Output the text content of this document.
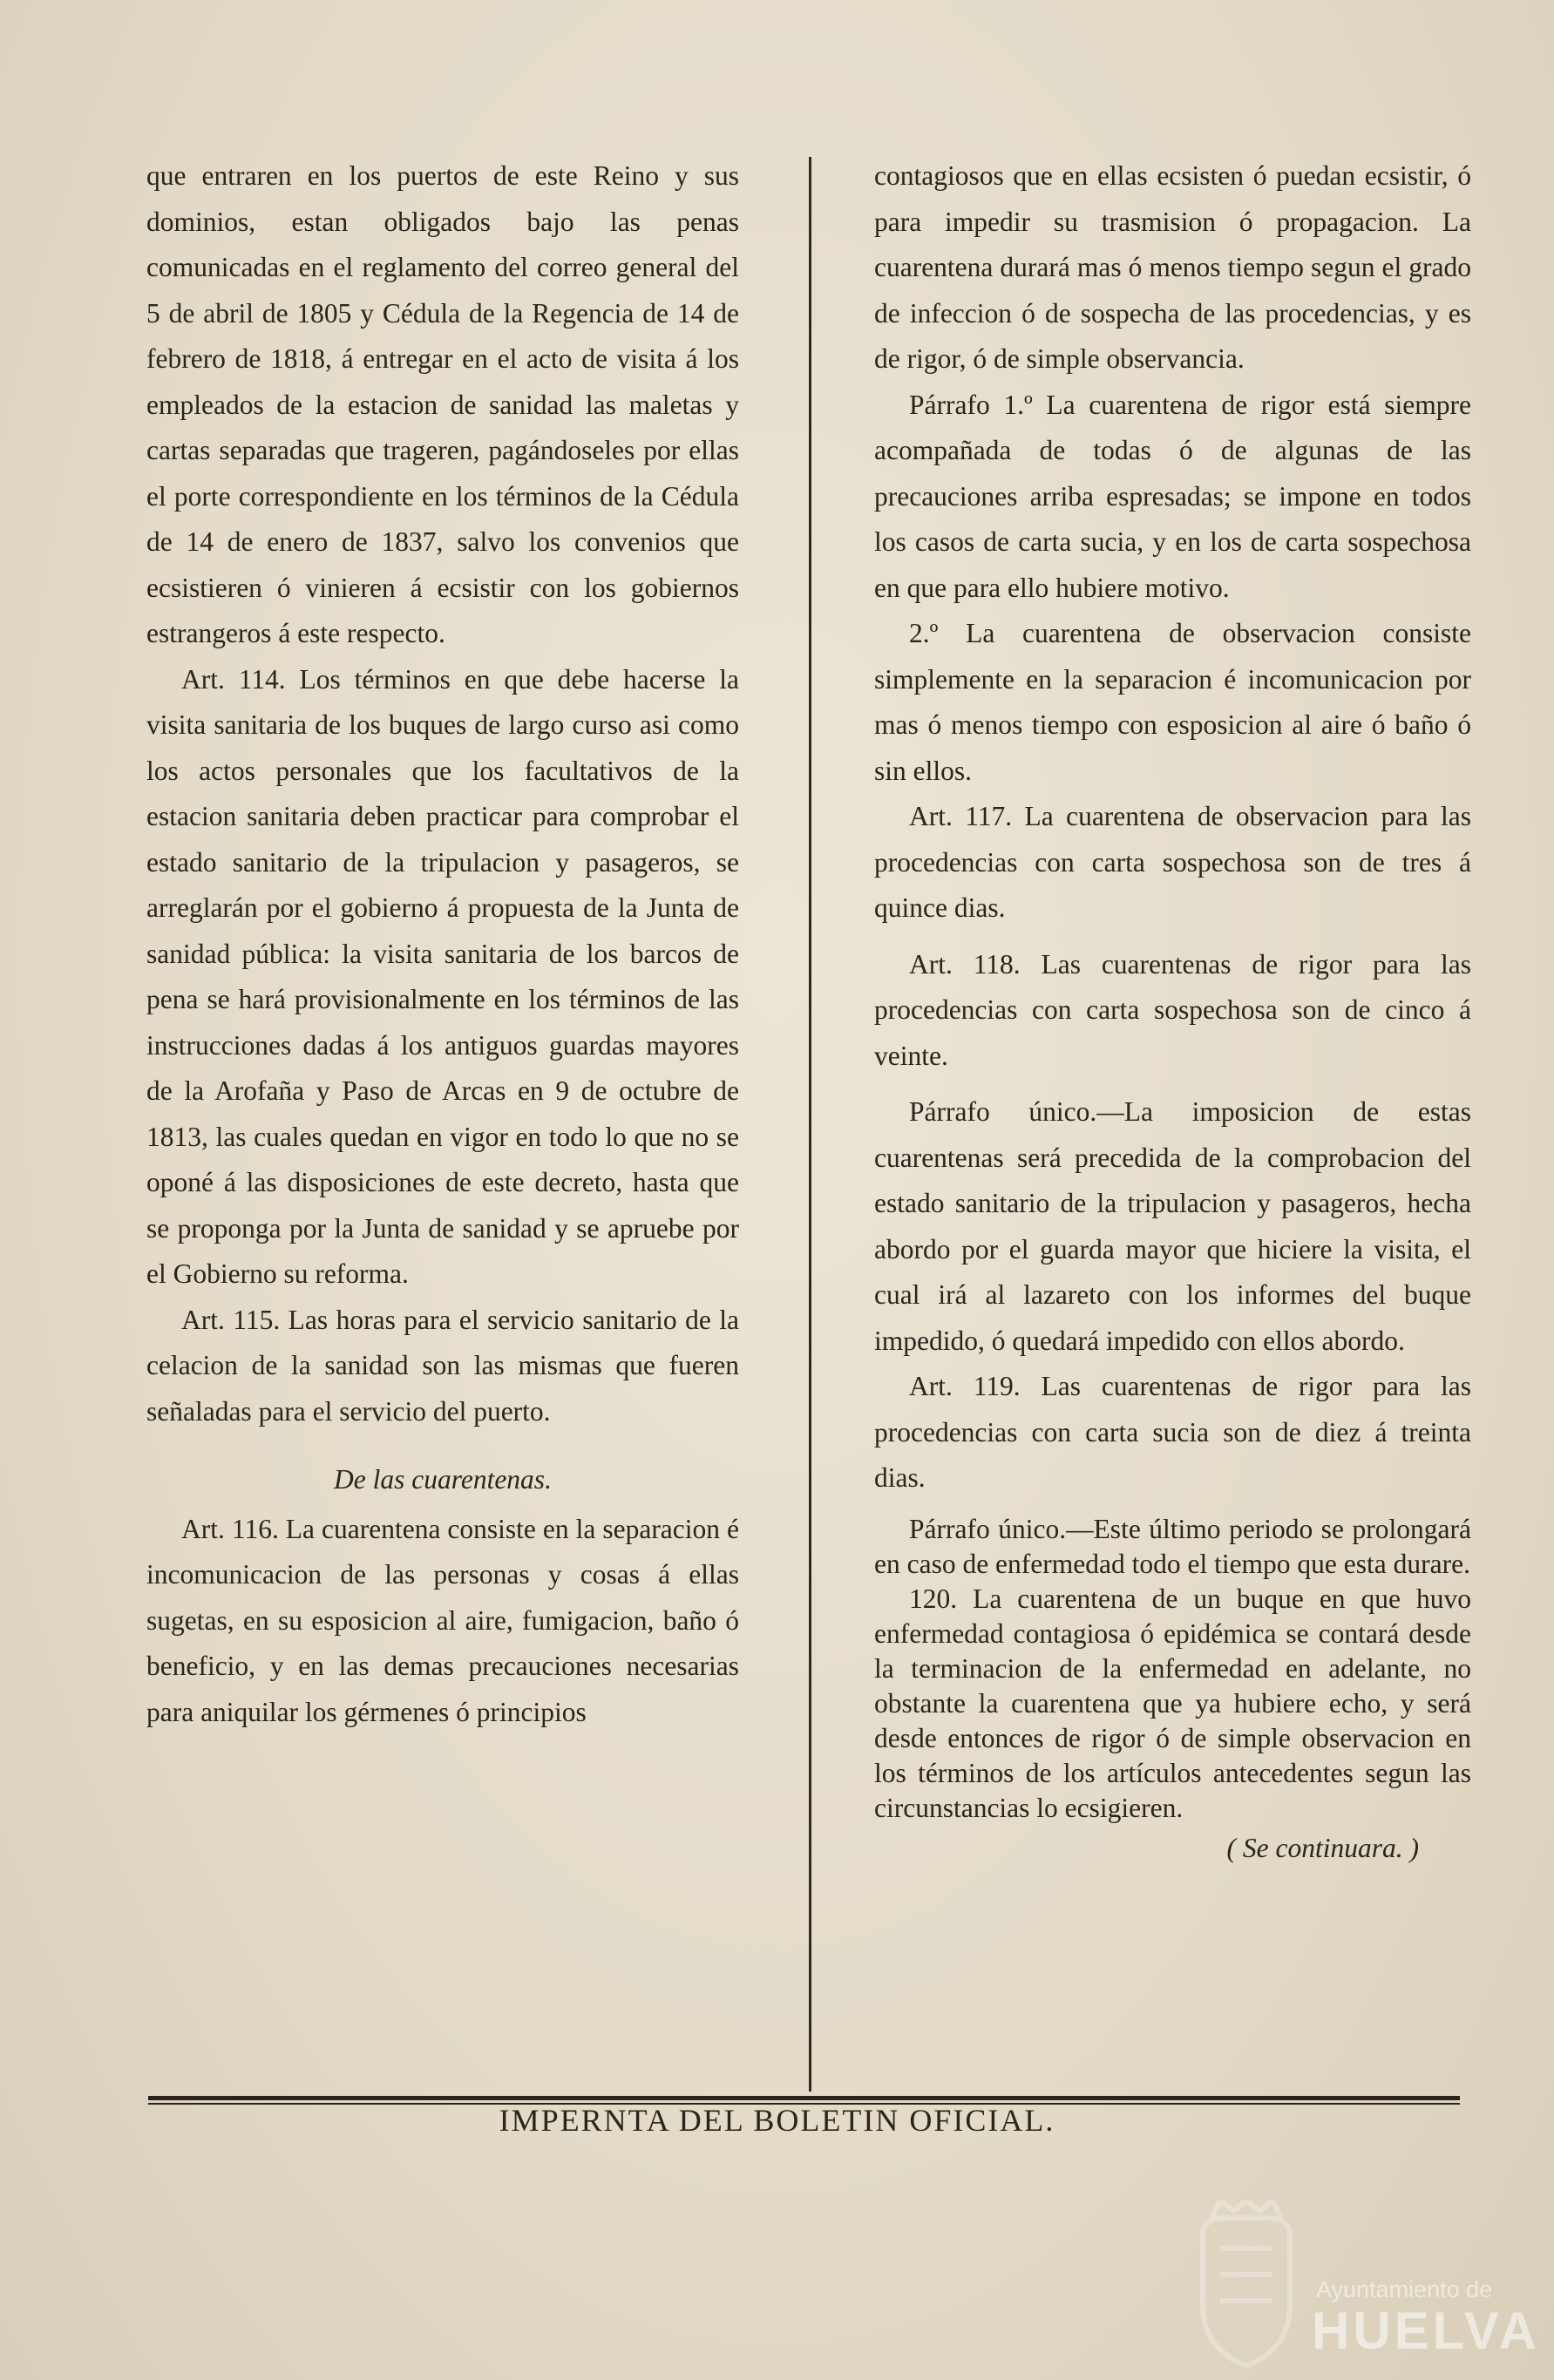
que entraren en los puertos de este Reino y sus dominios, estan obligados bajo las penas comunicadas en el reglamento del correo general del 5 de abril de 1805 y Cédula de la Regencia de 14 de febrero de 1818, á entregar en el acto de visita á los empleados de la estacion de sanidad las maletas y cartas separadas que trageren, pagándoseles por ellas el porte correspondiente en los términos de la Cédula de 14 de enero de 1837, salvo los convenios que ecsistieren ó vinieren á ecsistir con los gobiernos estrangeros á este respecto.

Art. 114. Los términos en que debe hacerse la visita sanitaria de los buques de largo curso asi como los actos personales que los facultativos de la estacion sanitaria deben practicar para comprobar el estado sanitario de la tripulacion y pasageros, se arreglarán por el gobierno á propuesta de la Junta de sanidad pública: la visita sanitaria de los barcos de pena se hará provisionalmente en los términos de las instrucciones dadas á los antiguos guardas mayores de la Arofaña y Paso de Arcas en 9 de octubre de 1813, las cuales quedan en vigor en todo lo que no se oponé á las disposiciones de este decreto, hasta que se proponga por la Junta de sanidad y se apruebe por el Gobierno su reforma.

Art. 115. Las horas para el servicio sanitario de la celacion de la sanidad son las mismas que fueren señaladas para el servicio del puerto.

De las cuarentenas.

Art. 116. La cuarentena consiste en la separacion é incomunicacion de las personas y cosas á ellas sugetas, en su esposicion al aire, fumigacion, baño ó beneficio, y en las demas precauciones necesarias para aniquilar los gérmenes ó principios

contagiosos que en ellas ecsisten ó puedan ecsistir, ó para impedir su trasmision ó propagacion. La cuarentena durará mas ó menos tiempo segun el grado de infeccion ó de sospecha de las procedencias, y es de rigor, ó de simple observancia.

Párrafo 1.º La cuarentena de rigor está siempre acompañada de todas ó de algunas de las precauciones arriba espresadas; se impone en todos los casos de carta sucia, y en los de carta sospechosa en que para ello hubiere motivo.

2.º La cuarentena de observacion consiste simplemente en la separacion é incomunicacion por mas ó menos tiempo con esposicion al aire ó baño ó sin ellos.

Art. 117. La cuarentena de observacion para las procedencias con carta sospechosa son de tres á quince dias.

Art. 118. Las cuarentenas de rigor para las procedencias con carta sospechosa son de cinco á veinte.

Párrafo único.—La imposicion de estas cuarentenas será precedida de la comprobacion del estado sanitario de la tripulacion y pasageros, hecha abordo por el guarda mayor que hiciere la visita, el cual irá al lazareto con los informes del buque impedido, ó quedará impedido con ellos abordo.

Art. 119. Las cuarentenas de rigor para las procedencias con carta sucia son de diez á treinta dias.

Párrafo único.—Este último periodo se prolongará en caso de enfermedad todo el tiempo que esta durare.

120. La cuarentena de un buque en que huvo enfermedad contagiosa ó epidémica se contará desde la terminacion de la enfermedad en adelante, no obstante la cuarentena que ya hubiere echo, y será desde entonces de rigor ó de simple observacion en los términos de los artículos antecedentes segun las circunstancias lo ecsigieren.

( Se continuara. )

IMPERNTA DEL BOLETIN OFICIAL.
Ayuntamiento de
HUELVA
